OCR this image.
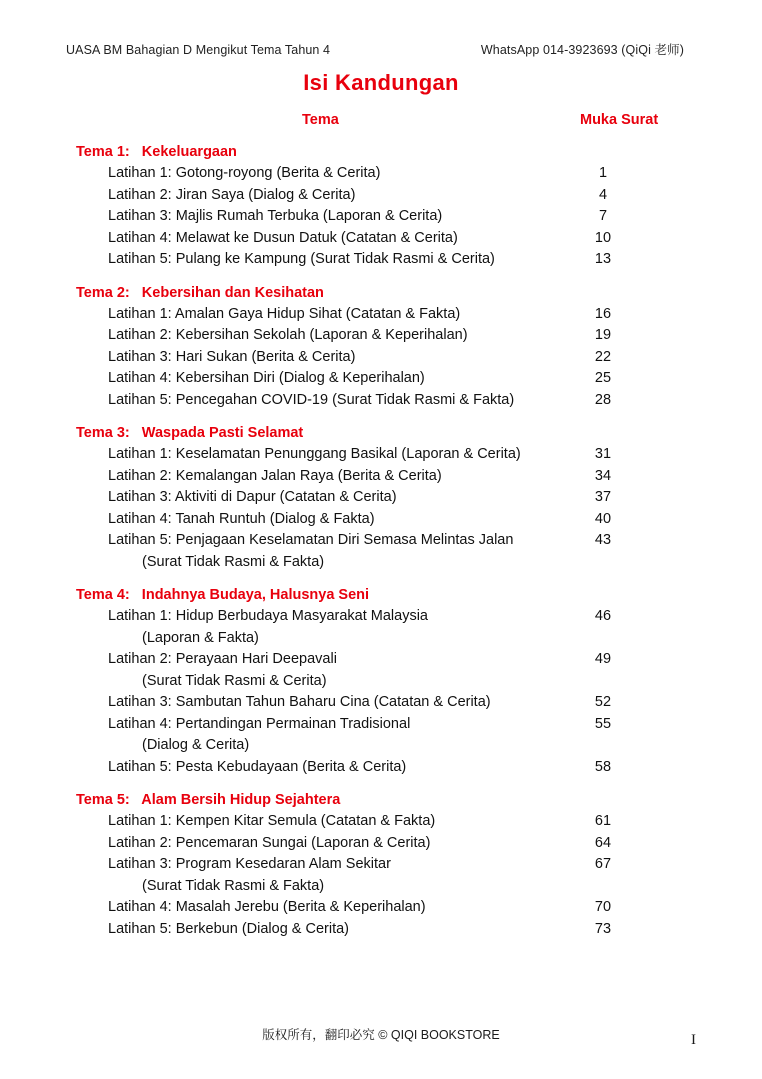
UASA BM Bahagian D Mengikut Tema Tahun 4	WhatsApp 014-3923693 (QiQi 老师)
Isi Kandungan
Tema	Muka Surat
Tema 1:   Kekeluargaan
Latihan 1: Gotong-royong (Berita & Cerita)	1
Latihan 2: Jiran Saya (Dialog & Cerita)	4
Latihan 3: Majlis Rumah Terbuka (Laporan & Cerita)	7
Latihan 4: Melawat ke Dusun Datuk (Catatan & Cerita)	10
Latihan 5: Pulang ke Kampung (Surat Tidak Rasmi & Cerita)	13
Tema 2:   Kebersihan dan Kesihatan
Latihan 1: Amalan Gaya Hidup Sihat (Catatan & Fakta)	16
Latihan 2: Kebersihan Sekolah (Laporan & Keperihalan)	19
Latihan 3: Hari Sukan (Berita & Cerita)	22
Latihan 4: Kebersihan Diri (Dialog & Keperihalan)	25
Latihan 5: Pencegahan COVID-19 (Surat Tidak Rasmi & Fakta)	28
Tema 3:   Waspada Pasti Selamat
Latihan 1: Keselamatan Penunggang Basikal (Laporan & Cerita)	31
Latihan 2: Kemalangan Jalan Raya (Berita & Cerita)	34
Latihan 3: Aktiviti di Dapur (Catatan & Cerita)	37
Latihan 4: Tanah Runtuh (Dialog & Fakta)	40
Latihan 5: Penjagaan Keselamatan Diri Semasa Melintas Jalan	43
(Surat Tidak Rasmi & Fakta)
Tema 4:   Indahnya Budaya, Halusnya Seni
Latihan 1: Hidup Berbudaya Masyarakat Malaysia	46
(Laporan & Fakta)
Latihan 2: Perayaan Hari Deepavali	49
(Surat Tidak Rasmi & Cerita)
Latihan 3: Sambutan Tahun Baharu Cina (Catatan & Cerita)	52
Latihan 4: Pertandingan Permainan Tradisional	55
(Dialog & Cerita)
Latihan 5: Pesta Kebudayaan (Berita & Cerita)	58
Tema 5:   Alam Bersih Hidup Sejahtera
Latihan 1: Kempen Kitar Semula (Catatan & Fakta)	61
Latihan 2: Pencemaran Sungai (Laporan & Cerita)	64
Latihan 3: Program Kesedaran Alam Sekitar	67
(Surat Tidak Rasmi & Fakta)
Latihan 4: Masalah Jerebu (Berita & Keperihalan)	70
Latihan 5: Berkebun (Dialog & Cerita)	73
版权所有，翻印必究 © QIQI BOOKSTORE	I
